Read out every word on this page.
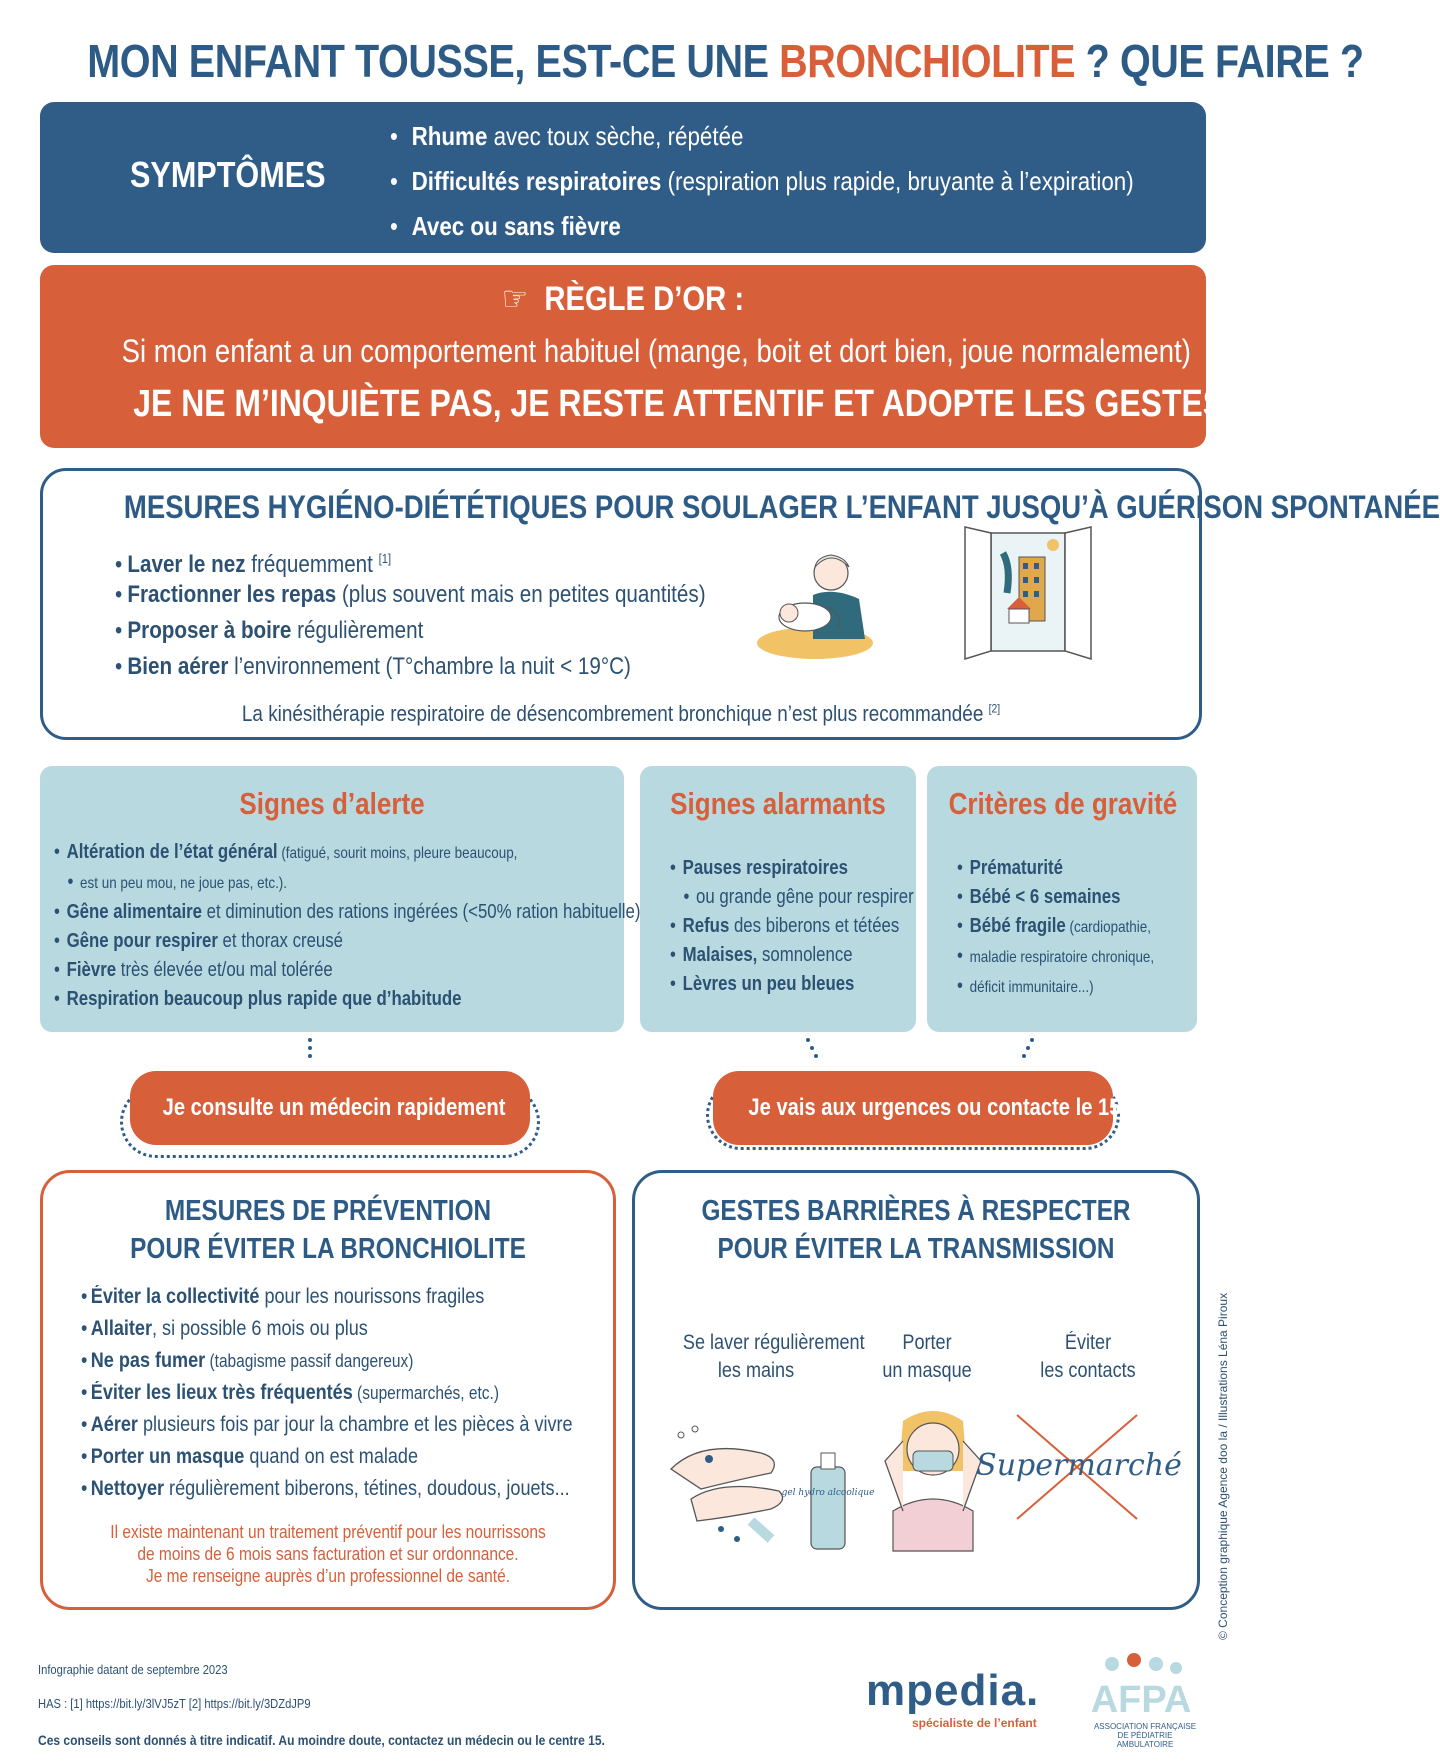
MON ENFANT TOUSSE, EST-CE UNE BRONCHIOLITE ? QUE FAIRE ?
SYMPTÔMES
• Rhume avec toux sèche, répétée
• Difficultés respiratoires (respiration plus rapide, bruyante à l’expiration)
• Avec ou sans fièvre
☞ RÈGLE D’OR :
Si mon enfant a un comportement habituel (mange, boit et dort bien, joue normalement)
JE NE M’INQUIÈTE PAS, JE RESTE ATTENTIF ET ADOPTE LES GESTES SUIVANTS
MESURES HYGIÉNO-DIÉTÉTIQUES POUR SOULAGER L’ENFANT JUSQU’À GUÉRISON SPONTANÉE
• Laver le nez fréquemment [1]
• Fractionner les repas (plus souvent mais en petites quantités)
• Proposer à boire régulièrement
• Bien aérer l’environnement (T°chambre la nuit < 19°C)
La kinésithérapie respiratoire de désencombrement bronchique n’est plus recommandée [2]
Signes d’alerte
• Altération de l’état général (fatigué, sourit moins, pleure beaucoup,
• est un peu mou, ne joue pas, etc.).
• Gêne alimentaire et diminution des rations ingérées (<50% ration habituelle)
• Gêne pour respirer et thorax creusé
• Fièvre très élevée et/ou mal tolérée
• Respiration beaucoup plus rapide que d’habitude
Signes alarmants
• Pauses respiratoires
• ou grande gêne pour respirer
• Refus des biberons et tétées
• Malaises, somnolence
• Lèvres un peu bleues
Critères de gravité
• Prématurité
• Bébé < 6 semaines
• Bébé fragile (cardiopathie,
• maladie respiratoire chronique,
• déficit immunitaire...)
Je consulte un médecin rapidement	Je vais aux urgences ou contacte le 15
MESURES DE PRÉVENTION
POUR ÉVITER LA BRONCHIOLITE
• Éviter la collectivité pour les nourissons fragiles
• Allaiter, si possible 6 mois ou plus
• Ne pas fumer (tabagisme passif dangereux)
• Éviter les lieux très fréquentés (supermarchés, etc.)
• Aérer plusieurs fois par jour la chambre et les pièces à vivre
• Porter un masque quand on est malade
• Nettoyer régulièrement biberons, tétines, doudous, jouets...
Il existe maintenant un traitement préventif pour les nourrissons
de moins de 6 mois sans facturation et sur ordonnance.
Je me renseigne auprès d’un professionnel de santé.
GESTES BARRIÈRES À RESPECTER
POUR ÉVITER LA TRANSMISSION
Se laver régulièrement
les mains
Porter
un masque
Éviter
les contacts
gel hydro alcoolique
Supermarché	© Conception graphique Agence doo la / Illustrations Léna Piroux
Infographie datant de septembre 2023
HAS : [1] https://bit.ly/3lVJ5zT [2] https://bit.ly/3DZdJP9
Ces conseils sont donnés à titre indicatif. Au moindre doute, contactez un médecin ou le centre 15.
mpedia.
spécialiste de l’enfant
AFPA
ASSOCIATION FRANÇAISE
DE PÉDIATRIE AMBULATOIRE
